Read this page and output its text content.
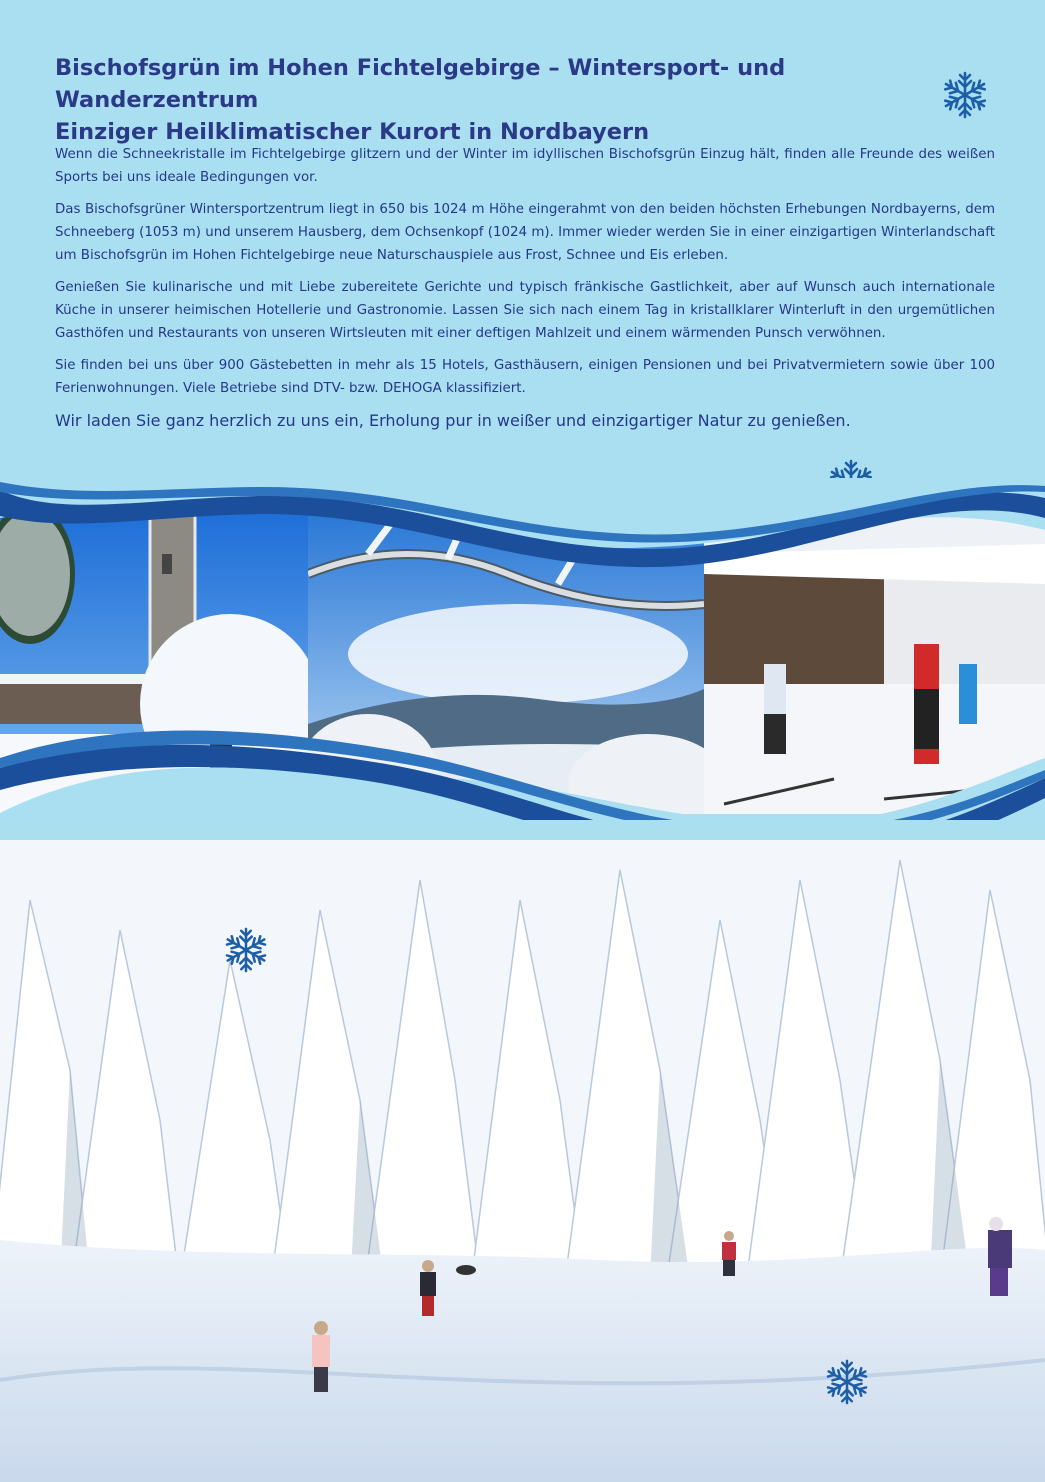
Bischofsgrün im Hohen Fichtelgebirge – Wintersport- und Wanderzentrum
Einziger Heilklimatischer Kurort in Nordbayern

Wenn die Schneekristalle im Fichtelgebirge glitzern und der Winter im idyllischen Bischofsgrün Einzug hält, finden alle Freunde des weißen Sports bei uns ideale Bedingungen vor.

Das Bischofsgrüner Wintersportzentrum liegt in 650 bis 1024 m Höhe eingerahmt von den beiden höchsten Erhebungen Nordbayerns, dem Schneeberg (1053 m) und unserem Hausberg, dem Ochsenkopf (1024 m). Immer wieder werden Sie in einer einzigartigen Winterlandschaft um Bischofsgrün im Hohen Fichtelgebirge neue Naturschauspiele aus Frost, Schnee und Eis erleben.

Genießen Sie kulinarische und mit Liebe zubereitete Gerichte und typisch fränkische Gastlichkeit, aber auf Wunsch auch internationale Küche in unserer heimischen Hotellerie und Gastronomie. Lassen Sie sich nach einem Tag in kristallklarer Winterluft in den urgemütlichen Gasthöfen und Restaurants von unseren Wirtsleuten mit einer deftigen Mahlzeit und einem wärmenden Punsch verwöhnen.

Sie finden bei uns über 900 Gästebetten in mehr als 15 Hotels, Gasthäusern, einigen Pensionen und bei Privatvermietern sowie über 100 Ferienwohnungen. Viele Betriebe sind DTV- bzw. DEHOGA klassifiziert.

Wir laden Sie ganz herzlich zu uns ein, Erholung pur in weißer und einzigartiger Natur zu genießen.
